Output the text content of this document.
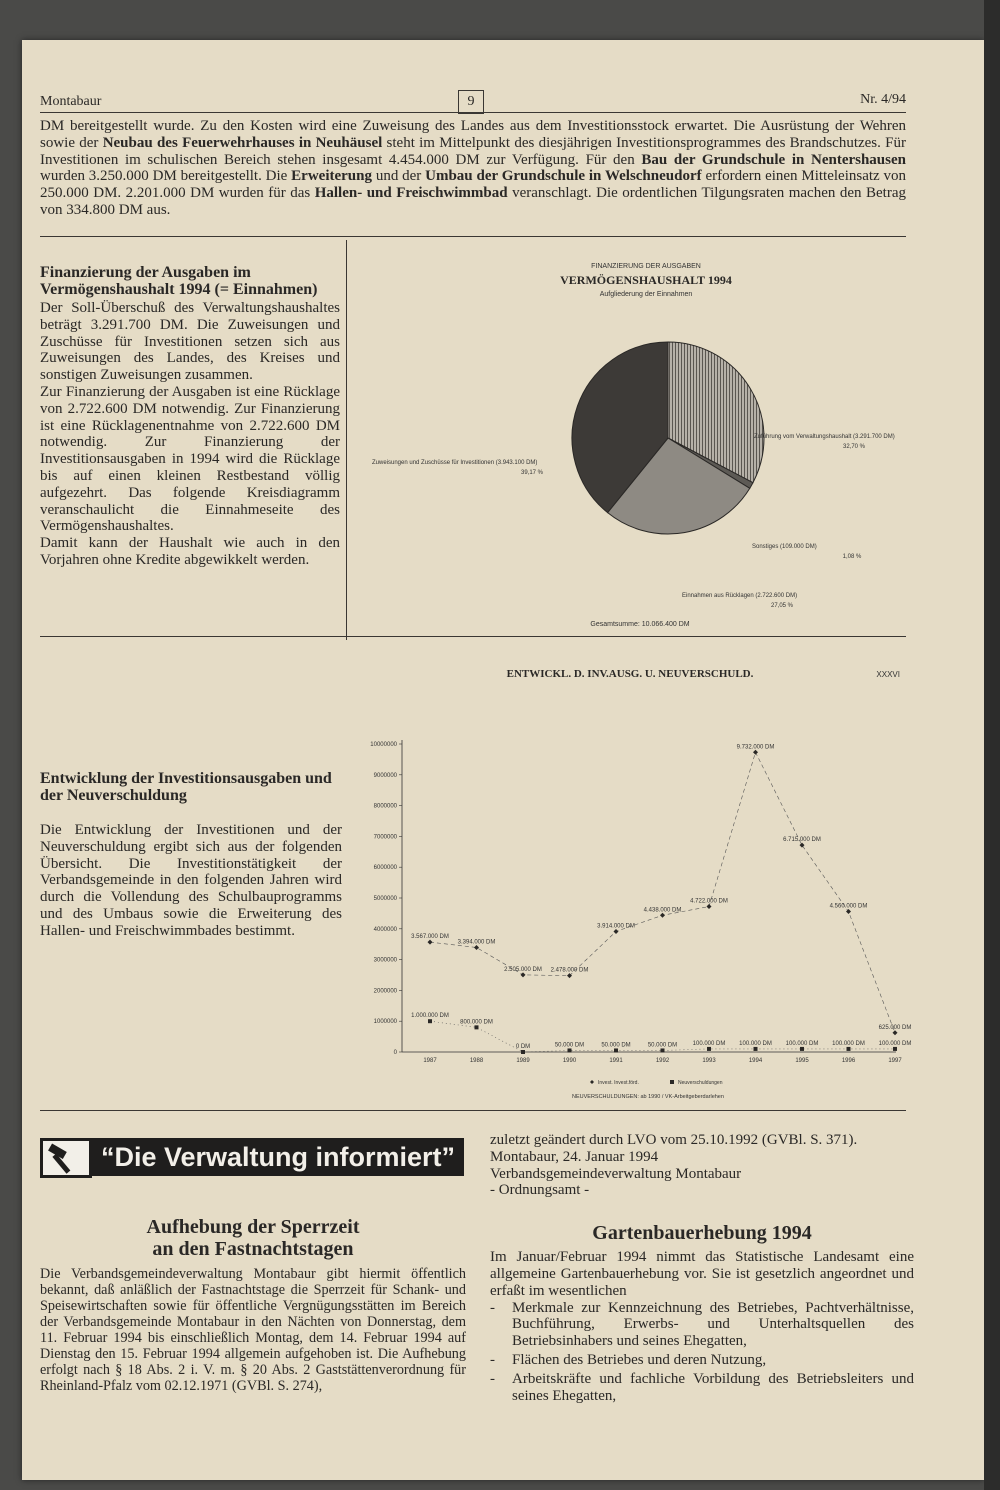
Montabaur	9	Nr. 4/94
DM bereitgestellt wurde. Zu den Kosten wird eine Zuweisung des Landes aus dem Investitionsstock erwartet. Die Ausrüstung der Wehren sowie der Neubau des Feuerwehrhauses in Neuhäusel steht im Mittelpunkt des diesjährigen Investitionsprogrammes des Brandschutzes. Für Investitionen im schulischen Bereich stehen insgesamt 4.454.000 DM zur Verfügung. Für den Bau der Grundschule in Nentershausen wurden 3.250.000 DM bereitgestellt. Die Erweiterung und der Umbau der Grundschule in Welschneudorf erfordern einen Mitteleinsatz von 250.000 DM. 2.201.000 DM wurden für das Hallen- und Freischwimmbad veranschlagt. Die ordentlichen Tilgungsraten machen den Betrag von 334.800 DM aus.
Finanzierung der Ausgaben im Vermögenshaushalt 1994 (= Einnahmen)
Der Soll-Überschuß des Verwaltungshaushaltes beträgt 3.291.700 DM. Die Zuweisungen und Zuschüsse für Investitionen setzen sich aus Zuweisungen des Landes, des Kreises und sonstigen Zuweisungen zusammen.
Zur Finanzierung der Ausgaben ist eine Rücklage von 2.722.600 DM notwendig. Zur Finanzierung ist eine Rücklagenentnahme von 2.722.600 DM notwendig. Zur Finanzierung der Investitionsausgaben in 1994 wird die Rücklage bis auf einen kleinen Restbestand völlig aufgezehrt. Das folgende Kreisdiagramm veranschaulicht die Einnahmeseite des Vermögenshaushaltes.
Damit kann der Haushalt wie auch in den Vorjahren ohne Kredite abgewikkelt werden.
FINANZIERUNG DER AUSGABEN
VERMÖGENSHAUSHALT 1994
Aufgliederung der Einnahmen
Zuführung vom Verwaltungshaushalt (3.291.700 DM)
32,70 %
Sonstiges (109.000 DM)
1,08 %
Einnahmen aus Rücklagen (2.722.600 DM)
27,05 %
Zuweisungen und Zuschüsse für Investitionen (3.943.100 DM)
39,17 %
Gesamtsumme: 10.066.400 DM
Entwicklung der Investitionsausgaben und der Neuverschuldung
Die Entwicklung der Investitionen und der Neuverschuldung ergibt sich aus der folgenden Übersicht. Die Investitionstätigkeit der Verbandsgemeinde in den folgenden Jahren wird durch die Vollendung des Schulbauprogramms und des Umbaus sowie die Erweiterung des Hallen- und Freischwimmbades bestimmt.
ENTWICKL. D. INV.AUSG. U. NEUVERSCHULD.	XXXVI
0
1000000
2000000
3000000
4000000
5000000
6000000
7000000
8000000
9000000
10000000
1987	1988	1989	1990	1991	1992	1993	1994	1995	1996	1997
3.567.000 DM
3.394.000 DM
2.505.000 DM 2.478.000 DM
3.914.000 DM
4.438.000 DM
4.722.000 DM
9.732.000 DM
6.715.000 DM
4.560.000 DM
625.000 DM
1.000.000 DM
800.000 DM
0 DM	50.000 DM	50.000 DM	50.000 DM	100.000 DM 100.000 DM 100.000 DM 100.000 DM 100.000 DM
Invest. Invest.förd.	Neuverschuldungen
NEUVERSCHULDUNGEN: ab 1990 / VK-Arbeitgeberdarlehen
“Die Verwaltung informiert”
Aufhebung der Sperrzeit
an den Fastnachtstagen
Die Verbandsgemeindeverwaltung Montabaur gibt hiermit öffentlich bekannt, daß anläßlich der Fastnachtstage die Sperrzeit für Schank- und Speisewirtschaften sowie für öffentliche Vergnügungsstätten im Bereich der Verbandsgemeinde Montabaur in den Nächten von Donnerstag, dem 11. Februar 1994 bis einschließlich Montag, dem 14. Februar 1994 auf Dienstag den 15. Februar 1994 allgemein aufgehoben ist. Die Aufhebung erfolgt nach § 18 Abs. 2 i. V. m. § 20 Abs. 2 Gaststättenverordnung für Rheinland-Pfalz vom 02.12.1971 (GVBl. S. 274),
zuletzt geändert durch LVO vom 25.10.1992 (GVBl. S. 371).
Montabaur, 24. Januar 1994
Verbandsgemeindeverwaltung Montabaur
- Ordnungsamt -
Gartenbauerhebung 1994
Im Januar/Februar 1994 nimmt das Statistische Landesamt eine allgemeine Gartenbauerhebung vor. Sie ist gesetzlich angeordnet und erfaßt im wesentlichen
- Merkmale zur Kennzeichnung des Betriebes, Pachtverhältnisse, Buchführung, Erwerbs- und Unterhaltsquellen des Betriebsinhabers und seines Ehegatten,
- Flächen des Betriebes und deren Nutzung,
- Arbeitskräfte und fachliche Vorbildung des Betriebsleiters und seines Ehegatten,
